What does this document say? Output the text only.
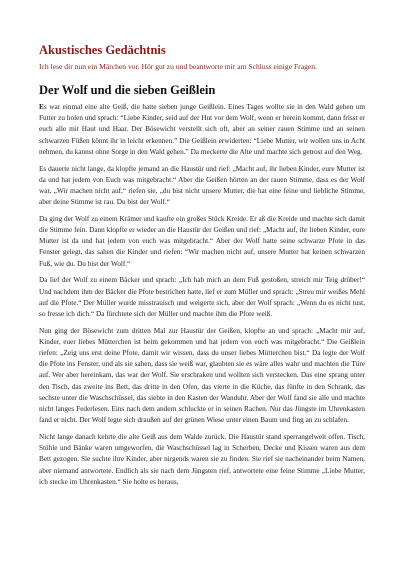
Akustisches Gedächtnis

Ich lese dir nun ein Märchen vor. Hör gut zu und beantworte mir am Schluss einige Fragen.

Der Wolf und die sieben Geißlein

Es war einmal eine alte Geiß, die hatte sieben junge Geißlein. Eines Tages wollte sie in den Wald gehen um Futter zu holen und sprach: “Liebe Kinder, seid auf der Hut vor dem Wolf, wenn er herein kommt, dann frisst er euch alle mit Haut und Haar. Der Bösewicht verstellt sich oft, aber an seiner rauen Stimme und an seinen schwarzen Füßen könnt ihr in leicht erkennen.” Die Geißlein erwiderten: “Liebe Mutter, wir wollen uns in Acht nehmen, du kannst ohne Sorge in den Wald gehen.” Da meckerte die Alte und machte sich getrost auf den Weg.

Es dauerte nicht lange, da klopfte jemand an die Haustür und rief: „Macht auf, ihr lieben Kinder, eure Mutter ist da und hat jedem von Euch was mitgebracht.“ Aber die Geißen hörten an der rauen Stimme, dass es der Wolf war, „Wir machen nicht auf,“ riefen sie, „du bist nicht unsere Mutter, die hat eine feine und liebliche Stimme, aber deine Stimme ist rau. Du bist der Wolf.“

Da ging der Wolf zu einem Krämer und kaufte ein großes Stück Kreide. Er aß die Kreide und machte sich damit die Stimme fein. Dann klopfte er wieder an die Haustür der Geißen und rief: „Macht auf, ihr lieben Kinder, eure Mutter ist da und hat jedem von euch was mitgebracht.“ Aber der Wolf hatte seine schwarze Pfote in das Fenster gelegt, das sahen die Kinder und riefen: “Wir machen nicht auf, unsere Mutter hat keinen schwarzen Fuß, wie du. Du bist der Wolf.“

Da lief der Wolf zu einem Bäcker und sprach: „Ich hab mich an dem Fuß gestoßen, streich mir Teig drüber!“ Und nachdem ihm der Bäcker die Pfote bestrichen hatte, lief er zum Müller und sprach: „Streu mir weißes Mehl auf die Pfote.“ Der Müller wurde misstrauisch und weigerte sich, aber der Wolf sprach: „Wenn du es nicht tust, so fresse ich dich.“ Da fürchtete sich der Müller und machte ihm die Pfote weiß.

Nun ging der Bösewicht zum dritten Mal zur Haustür der Geißen, klopfte an und sprach: „Macht mir auf, Kinder, euer liebes Mütterchen ist heim gekommen und hat jedem von euch was mitgebracht.“ Die Geißlein riefen: „Zeig uns erst deine Pfote, damit wir wissen, dass du unser liebes Mütterchen bist.“ Da legte der Wolf die Pfote ins Fenster, und als sie sahen, dass sie weiß war, glaubten sie es wäre alles wahr und machten die Türe auf. Wer aber hereinkam, das war der Wolf. Sie erschraken und wollten sich verstecken. Das eine sprang unter den Tisch, das zweite ins Bett, das dritte in den Ofen, das vierte in die Küche, das fünfte in den Schrank, das sechste unter die Waschschüssel, das siebte in den Kasten der Wanduhr. Aber der Wolf fand sie alle und machte nicht langes Federlesen. Eins nach dem andern schluckte er in seinen Rachen. Nur das Jüngste im Uhrenkasten fand er nicht. Der Wolf legte sich draußen auf der grünen Wiese unter einen Baum und fing an zu schlafen.

Nicht lange danach kehrte die alte Geiß aus dem Walde zurück. Die Haustür stand sperrangelweit offen. Tisch, Stühle und Bänke waren umgeworfen, die Waschschüssel lag in Scherben, Decke und Kissen waren aus dem Bett gezogen. Sie suchte ihre Kinder, aber nirgends waren sie zu finden. Sie rief sie nacheinander beim Namen, aber niemand antwortete. Endlich als sie nach dem Jüngsten rief, antwortete eine feine Stimme „Liebe Mutter, ich stecke im Uhrenkasten.“ Sie holte es heraus,
